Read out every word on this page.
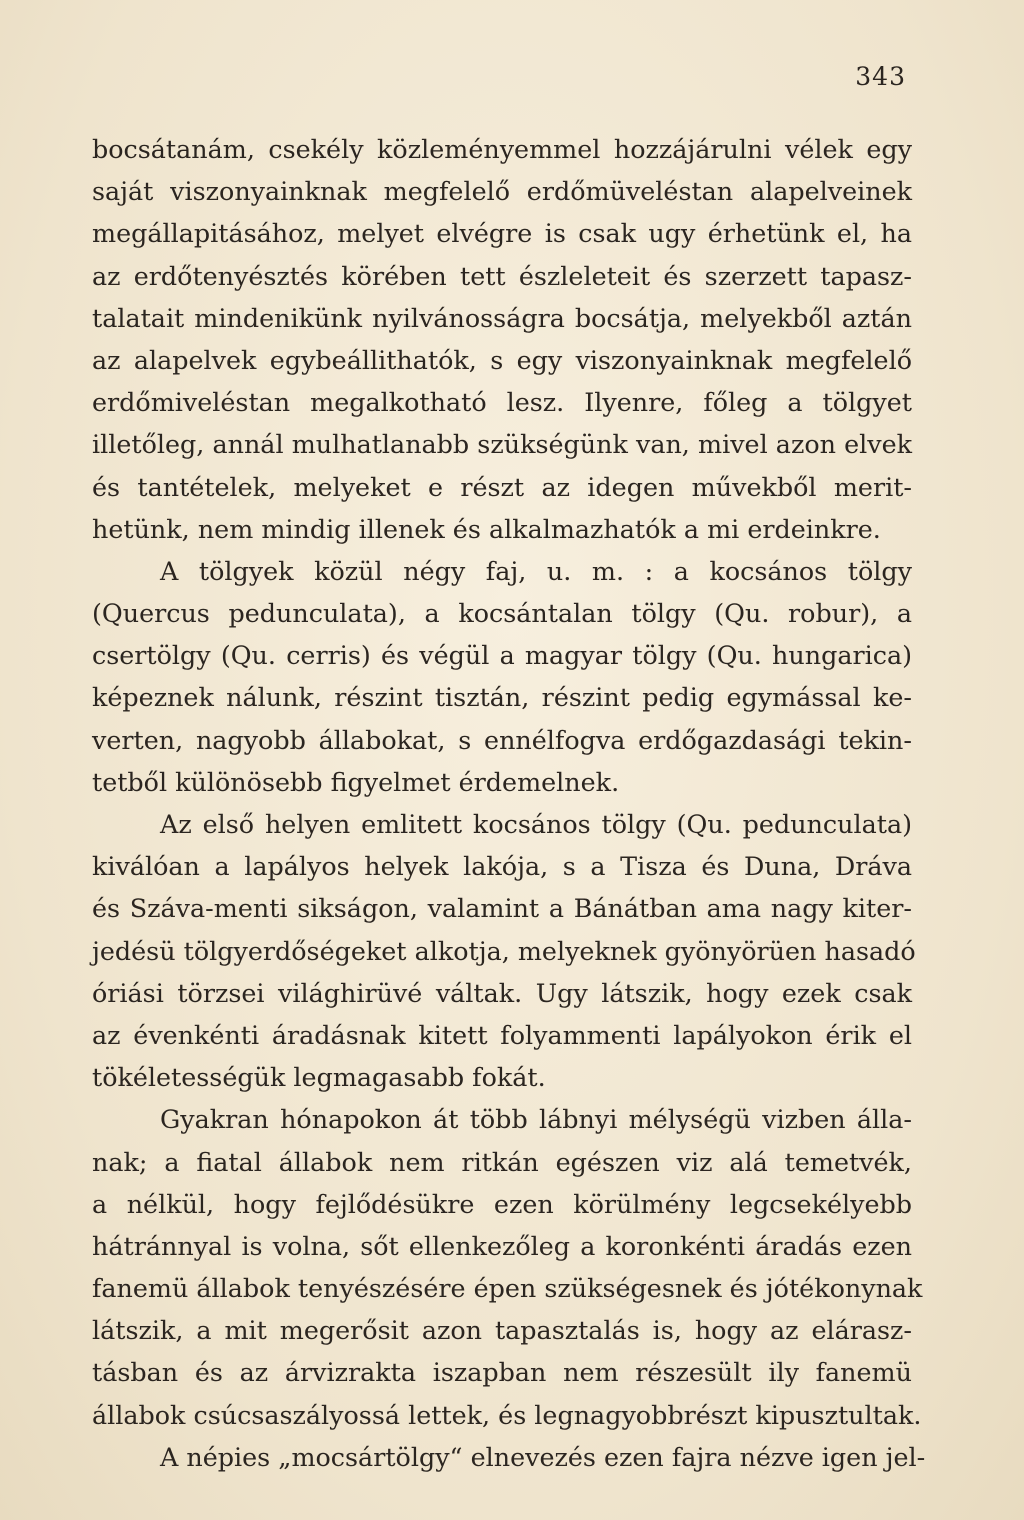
343
bocsátanám, csekély közleményemmel hozzájárulni vélek egy
saját viszonyainknak megfelelő erdőmüveléstan alapelveinek
megállapitásához, melyet elvégre is csak ugy érhetünk el, ha
az erdőtenyésztés körében tett észleleteit és szerzett tapasz-
talatait mindenikünk nyilvánosságra bocsátja, melyekből aztán
az alapelvek egybeállithatók, s egy viszonyainknak megfelelő
erdőmiveléstan megalkotható lesz. Ilyenre, főleg a tölgyet
illetőleg, annál mulhatlanabb szükségünk van, mivel azon elvek
és tantételek, melyeket e részt az idegen művekből merit-
hetünk, nem mindig illenek és alkalmazhatók a mi erdeinkre.
A tölgyek közül négy faj, u. m. : a kocsános tölgy
(Quercus pedunculata), a kocsántalan tölgy (Qu. robur), a
csertölgy (Qu. cerris) és végül a magyar tölgy (Qu. hungarica)
képeznek nálunk, részint tisztán, részint pedig egymással ke-
verten, nagyobb állabokat, s ennélfogva erdőgazdasági tekin-
tetből különösebb figyelmet érdemelnek.
Az első helyen emlitett kocsános tölgy (Qu. pedunculata)
kiválóan a lapályos helyek lakója, s a Tisza és Duna, Dráva
és Száva-menti sikságon, valamint a Bánátban ama nagy kiter-
jedésü tölgyerdőségeket alkotja, melyeknek gyönyörüen hasadó
óriási törzsei világhirüvé váltak. Ugy látszik, hogy ezek csak
az évenkénti áradásnak kitett folyammenti lapályokon érik el
tökéletességük legmagasabb fokát.
Gyakran hónapokon át több lábnyi mélységü vizben álla-
nak; a fiatal állabok nem ritkán egészen viz alá temetvék,
a nélkül, hogy fejlődésükre ezen körülmény legcsekélyebb
hátránnyal is volna, sőt ellenkezőleg a koronkénti áradás ezen
fanemü állabok tenyészésére épen szükségesnek és jótékonynak
látszik, a mit megerősit azon tapasztalás is, hogy az elárasz-
tásban és az árvizrakta iszapban nem részesült ily fanemü
állabok csúcsaszályossá lettek, és legnagyobbrészt kipusztultak.
A népies „mocsártölgy“ elnevezés ezen fajra nézve igen jel-
